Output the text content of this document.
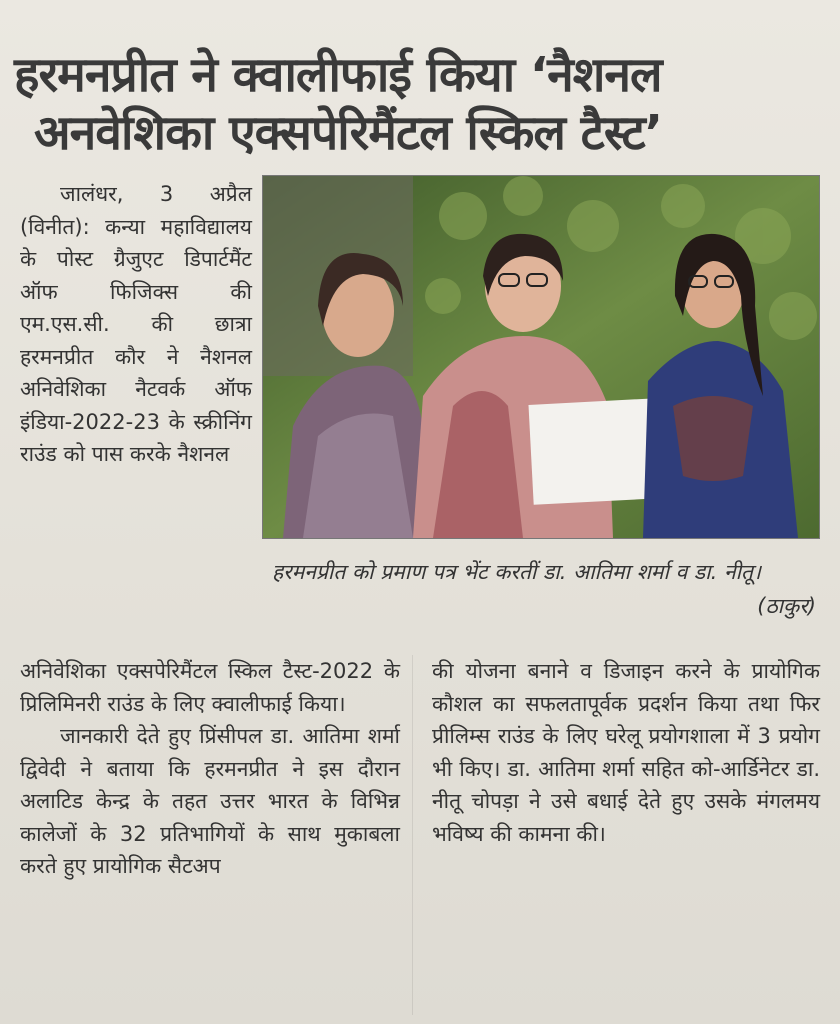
हरमनप्रीत ने क्वालीफाई किया ‘नैशनल
अनवेशिका एक्सपेरिमैंटल स्किल टैस्ट’

जालंधर, 3 अप्रैल (विनीत): कन्या महाविद्यालय के पोस्ट ग्रैजुएट डिपार्टमैंट ऑफ फिजिक्स की एम.एस.सी. की छात्रा हरमनप्रीत कौर ने नैशनल अनिवेशिका नैटवर्क ऑफ इंडिया-2022-23 के स्क्रीनिंग राउंड को पास करके नैशनल

हरमनप्रीत को प्रमाण पत्र भेंट करतीं डा. आतिमा शर्मा व डा. नीतू।
(ठाकुर)

अनिवेशिका एक्सपेरिमैंटल स्किल टैस्ट-2022 के प्रिलिमिनरी राउंड के लिए क्वालीफाई किया।

जानकारी देते हुए प्रिंसीपल डा. आतिमा शर्मा द्विवेदी ने बताया कि हरमनप्रीत ने इस दौरान अलाटिड केन्द्र के तहत उत्तर भारत के विभिन्न कालेजों के 32 प्रतिभागियों के साथ मुकाबला करते हुए प्रायोगिक सैटअप

की योजना बनाने व डिजाइन करने के प्रायोगिक कौशल का सफलतापूर्वक प्रदर्शन किया तथा फिर प्रीलिम्स राउंड के लिए घरेलू प्रयोगशाला में 3 प्रयोग भी किए। डा. आतिमा शर्मा सहित को-आर्डिनेटर डा. नीतू चोपड़ा ने उसे बधाई देते हुए उसके मंगलमय भविष्य की कामना की।
